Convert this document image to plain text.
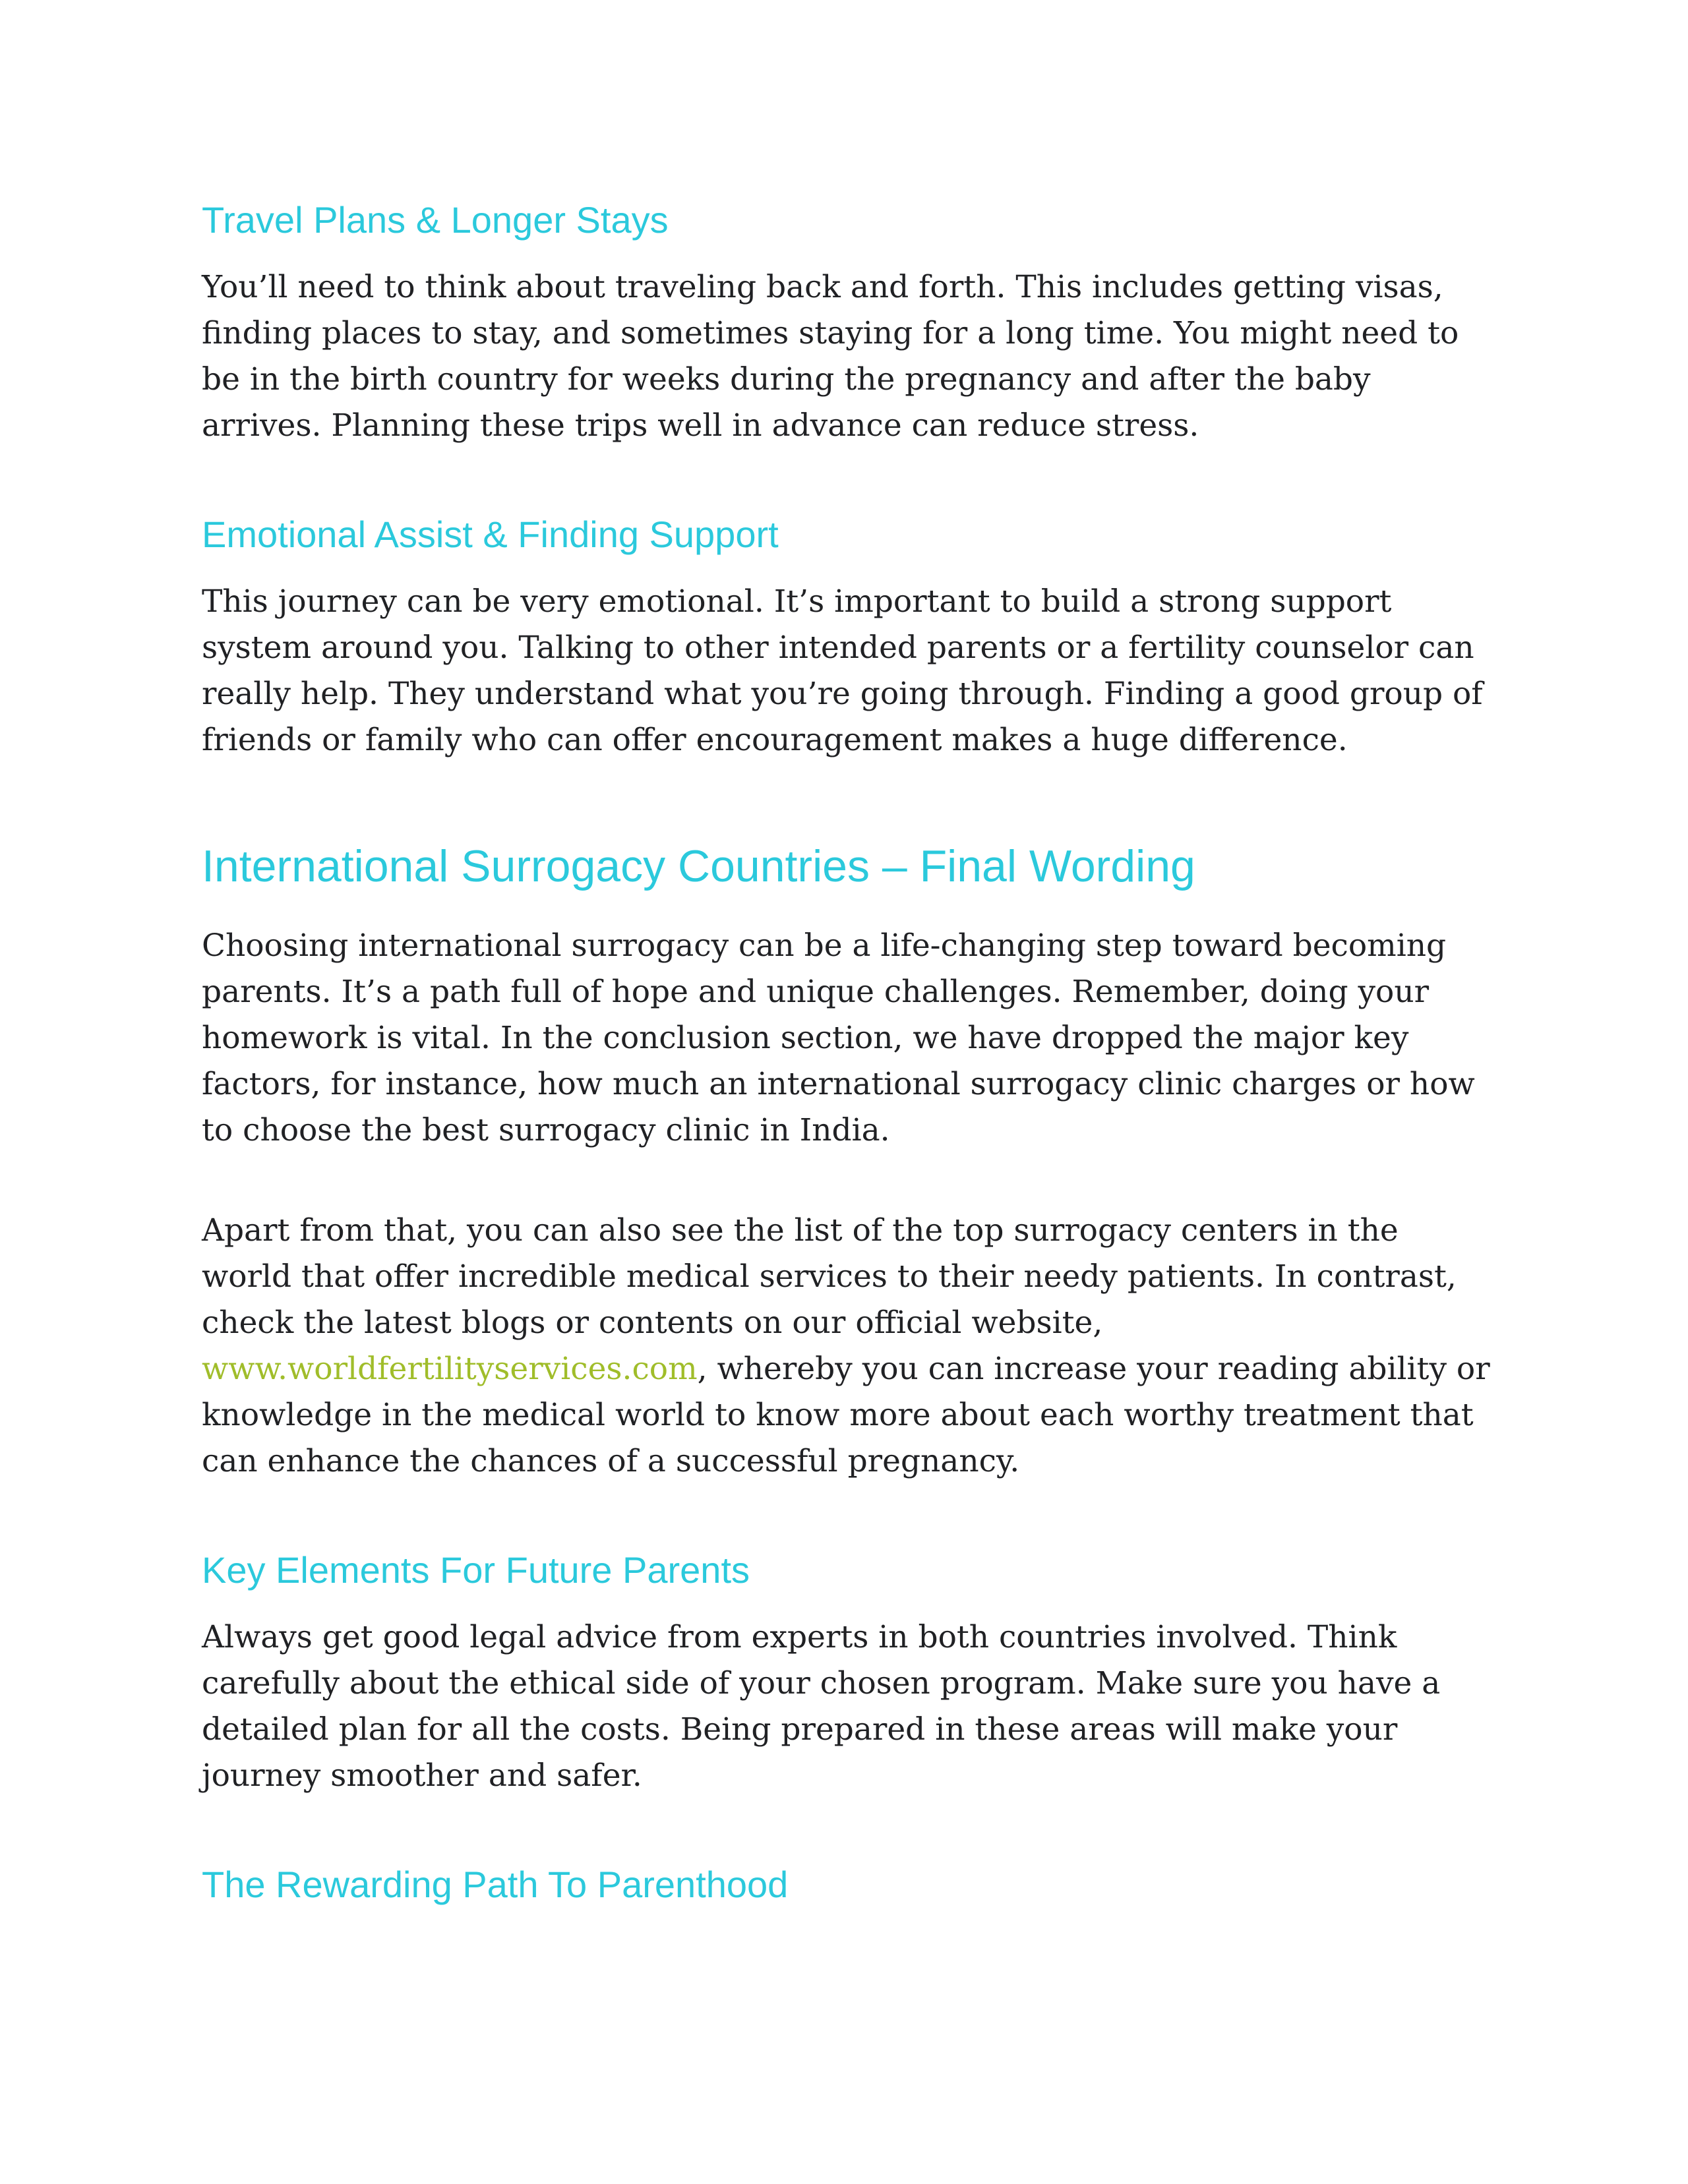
Travel Plans & Longer Stays

You’ll need to think about traveling back and forth. This includes getting visas, finding places to stay, and sometimes staying for a long time. You might need to be in the birth country for weeks during the pregnancy and after the baby arrives. Planning these trips well in advance can reduce stress.

Emotional Assist & Finding Support

This journey can be very emotional. It’s important to build a strong support system around you. Talking to other intended parents or a fertility counselor can really help. They understand what you’re going through. Finding a good group of friends or family who can offer encouragement makes a huge difference.

International Surrogacy Countries – Final Wording

Choosing international surrogacy can be a life-changing step toward becoming parents. It’s a path full of hope and unique challenges. Remember, doing your homework is vital. In the conclusion section, we have dropped the major key factors, for instance, how much an international surrogacy clinic charges or how to choose the best surrogacy clinic in India.

Apart from that, you can also see the list of the top surrogacy centers in the world that offer incredible medical services to their needy patients. In contrast, check the latest blogs or contents on our official website, www.worldfertilityservices.com, whereby you can increase your reading ability or knowledge in the medical world to know more about each worthy treatment that can enhance the chances of a successful pregnancy.

Key Elements For Future Parents

Always get good legal advice from experts in both countries involved. Think carefully about the ethical side of your chosen program. Make sure you have a detailed plan for all the costs. Being prepared in these areas will make your journey smoother and safer.

The Rewarding Path To Parenthood
